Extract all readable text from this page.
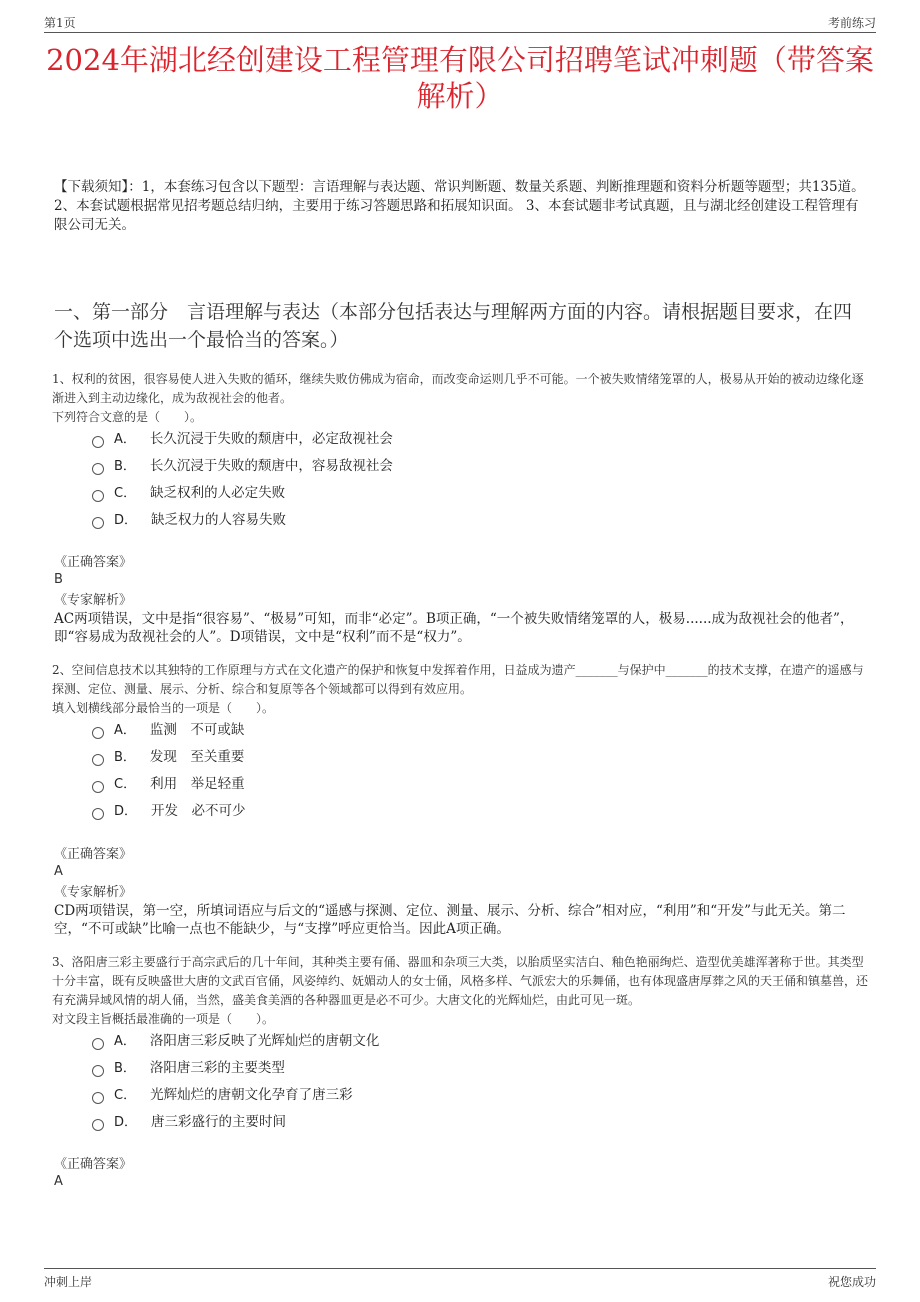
第1页	考前练习
2024年湖北经创建设工程管理有限公司招聘笔试冲刺题（带答案解析）
【下载须知】：1，本套练习包含以下题型：言语理解与表达题、常识判断题、数量关系题、判断推理题和资料分析题等题型；共135道。 2、本套试题根据常见招考题总结归纳，主要用于练习答题思路和拓展知识面。 3、本套试题非考试真题，且与湖北经创建设工程管理有限公司无关。
一、第一部分　言语理解与表达（本部分包括表达与理解两方面的内容。请根据题目要求，在四个选项中选出一个最恰当的答案。）

1、权利的贫困，很容易使人进入失败的循环，继续失败仿佛成为宿命，而改变命运则几乎不可能。一个被失败情绪笼罩的人，极易从开始的被动边缘化逐渐进入到主动边缘化，成为敌视社会的他者。

下列符合文意的是（　　）。

A． 长久沉浸于失败的颓唐中，必定敌视社会
B． 长久沉浸于失败的颓唐中，容易敌视社会
C． 缺乏权利的人必定失败
D． 缺乏权力的人容易失败
《正确答案》
B
《专家解析》
AC两项错误，文中是指“很容易”、“极易”可知，而非“必定”。B项正确，“一个被失败情绪笼罩的人，极易......成为敌视社会的他者”，即“容易成为敌视社会的人”。D项错误，文中是“权利”而不是“权力”。

2、空间信息技术以其独特的工作原理与方式在文化遗产的保护和恢复中发挥着作用，日益成为遗产_______与保护中_______的技术支撑，在遗产的遥感与探测、定位、测量、展示、分析、综合和复原等各个领域都可以得到有效应用。

填入划横线部分最恰当的一项是（　　）。

A． 监测　不可或缺
B． 发现　至关重要
C． 利用　举足轻重
D． 开发　必不可少
《正确答案》
A
《专家解析》
CD两项错误，第一空，所填词语应与后文的“遥感与探测、定位、测量、展示、分析、综合”相对应，“利用”和“开发”与此无关。第二空，“不可或缺”比喻一点也不能缺少，与“支撑”呼应更恰当。因此A项正确。

3、洛阳唐三彩主要盛行于高宗武后的几十年间，其种类主要有俑、器皿和杂项三大类，以胎质坚实洁白、釉色艳丽绚烂、造型优美雄浑著称于世。其类型十分丰富，既有反映盛世大唐的文武百官俑，风姿绰约、妩媚动人的女士俑，风格多样、气派宏大的乐舞俑，也有体现盛唐厚葬之风的天王俑和镇墓兽，还有充满异域风情的胡人俑，当然，盛美食美酒的各种器皿更是必不可少。大唐文化的光辉灿烂，由此可见一斑。

对文段主旨概括最准确的一项是（　　）。

A． 洛阳唐三彩反映了光辉灿烂的唐朝文化
B． 洛阳唐三彩的主要类型
C． 光辉灿烂的唐朝文化孕育了唐三彩
D． 唐三彩盛行的主要时间
《正确答案》
A
冲刺上岸	祝您成功
